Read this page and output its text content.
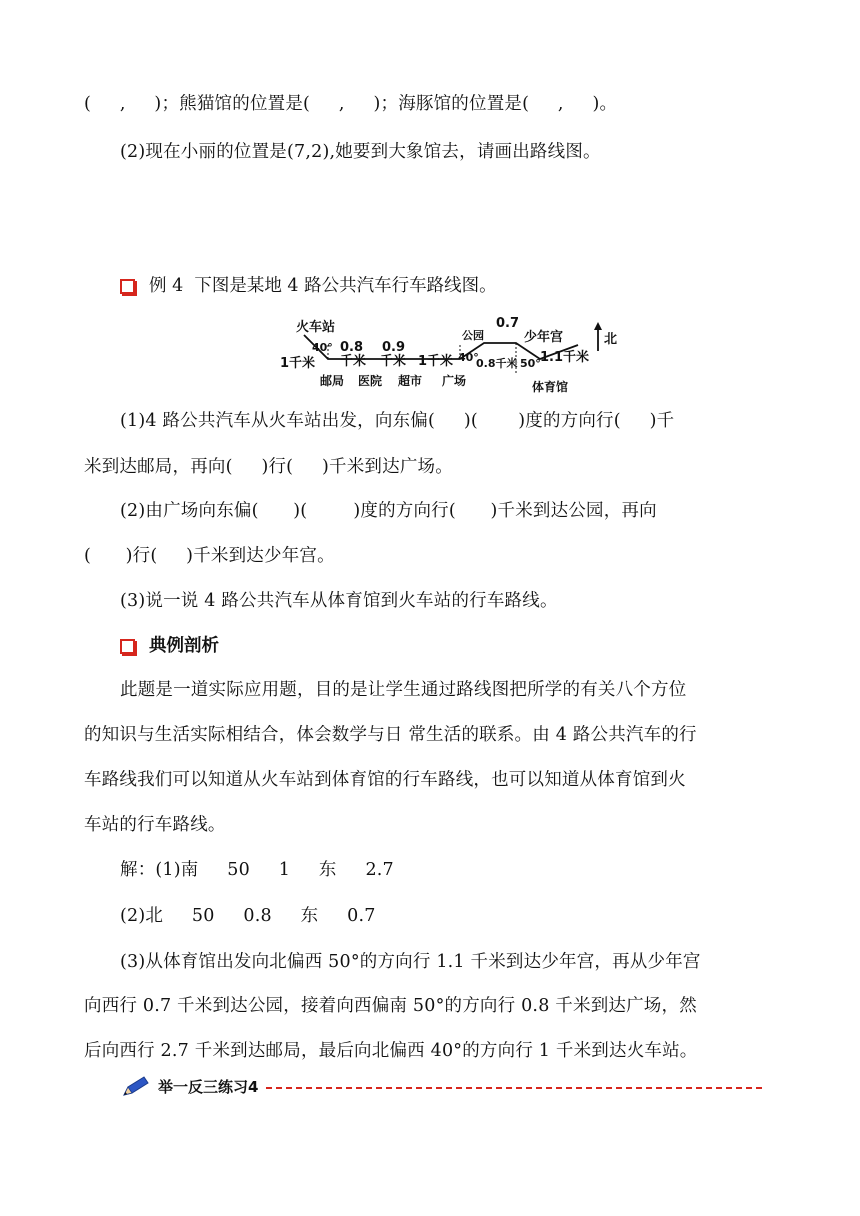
(     ,     )；熊猫馆的位置是(     ,     )；海豚馆的位置是(     ,     )。
(2)现在小丽的位置是(7,2),她要到大象馆去，请画出路线图。
例 4  下图是某地 4 路公共汽车行车路线图。
火车站
40° 0.8 0.9
公园
0.7
少年宫	北
1千米 千米 千米 1千米 40°
0.8千米 50° 1.1千米
邮局 医院 超市 广场	体育馆
(1)4 路公共汽车从火车站出发，向东偏(     )(       )度的方向行(     )千
米到达邮局，再向(     )行(     )千米到达广场。
(2)由广场向东偏(      )(        )度的方向行(      )千米到达公园，再向
(      )行(     )千米到达少年宫。
(3)说一说 4 路公共汽车从体育馆到火车站的行车路线。
典例剖析
此题是一道实际应用题，目的是让学生通过路线图把所学的有关八个方位
的知识与生活实际相结合，体会数学与日 常生活的联系。由 4 路公共汽车的行
车路线我们可以知道从火车站到体育馆的行车路线，也可以知道从体育馆到火
车站的行车路线。
解：(1)南     50     1     东     2.7
(2)北     50     0.8     东     0.7
(3)从体育馆出发向北偏西 50°的方向行 1.1 千米到达少年宫，再从少年宫
向西行 0.7 千米到达公园，接着向西偏南 50°的方向行 0.8 千米到达广场，然
后向西行 2.7 千米到达邮局，最后向北偏西 40°的方向行 1 千米到达火车站。
举一反三练习4
